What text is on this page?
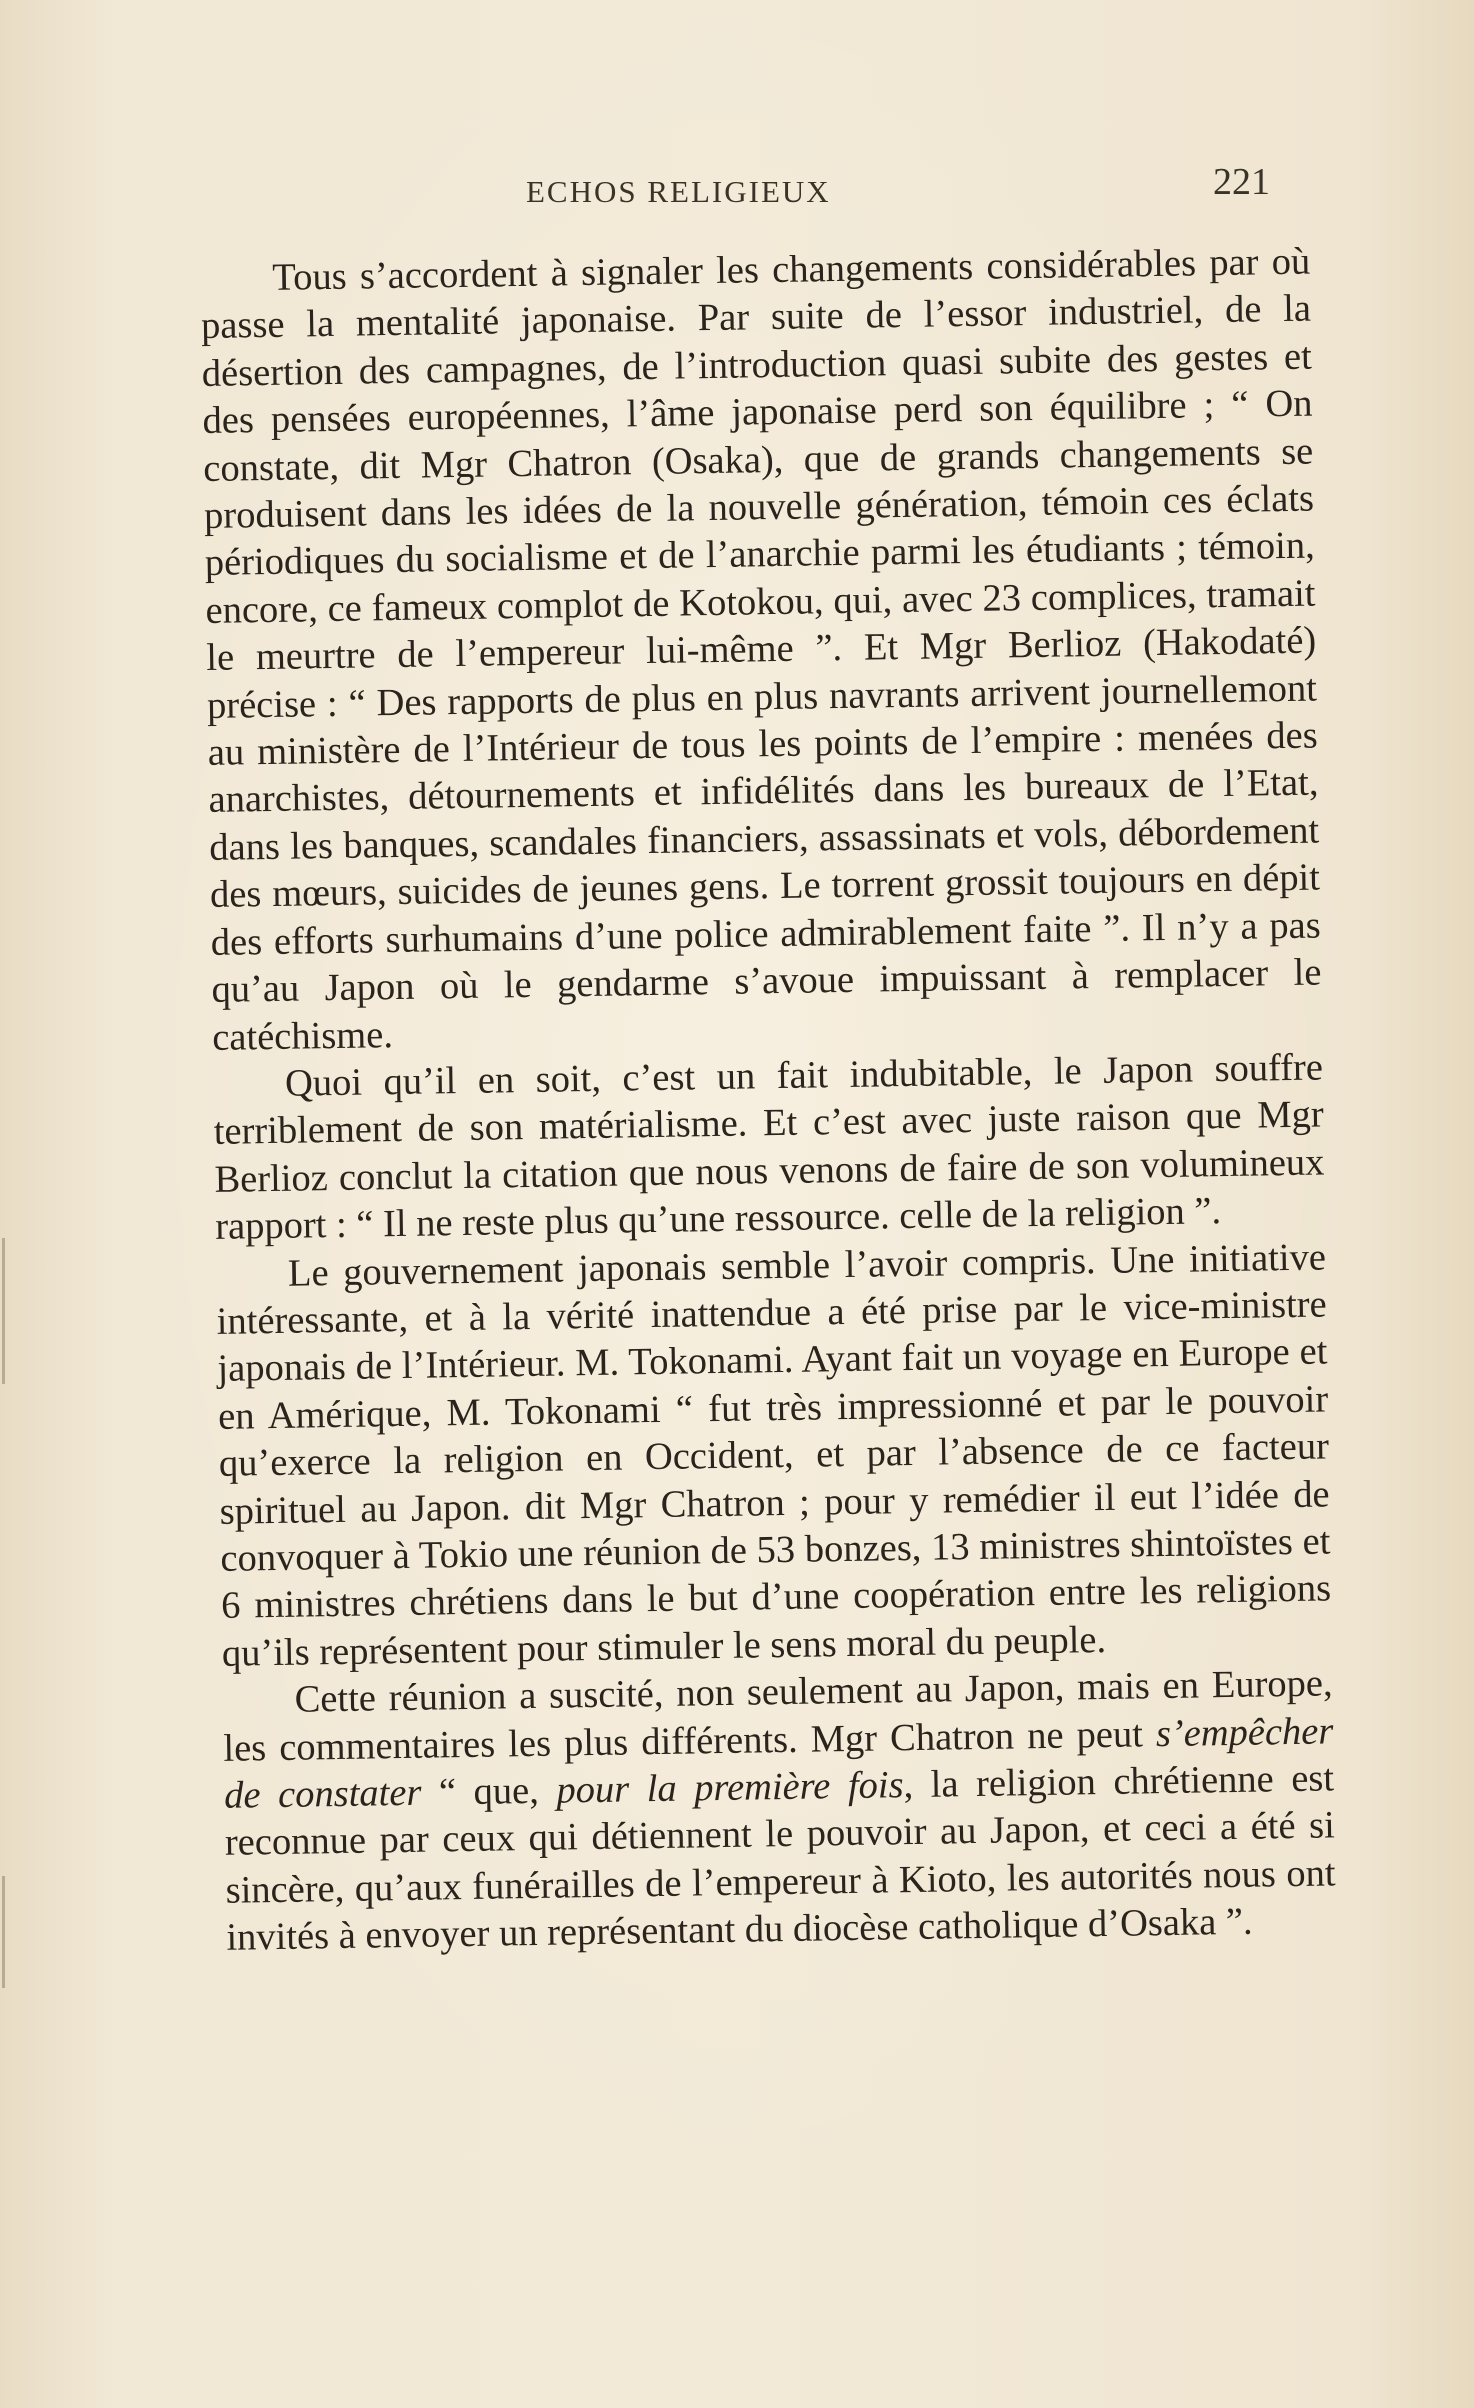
ECHOS RELIGIEUX	221

Tous s’accordent à signaler les changements considérables par où passe la mentalité japonaise. Par suite de l’essor industriel, de la désertion des campagnes, de l’introduction quasi subite des gestes et des pensées européennes, l’âme japonaise perd son équilibre ; “ On constate, dit Mgr Chatron (Osaka), que de grands changements se produisent dans les idées de la nouvelle génération, témoin ces éclats périodiques du socialisme et de l’anarchie parmi les étudiants ; témoin, encore, ce fameux complot de Kotokou, qui, avec 23 complices, tramait le meurtre de l’empereur lui-même ”. Et Mgr Berlioz (Hakodaté) précise : “ Des rapports de plus en plus navrants arrivent journellemont au ministère de l’Intérieur de tous les points de l’empire : menées des anarchistes, détournements et infidélités dans les bureaux de l’Etat, dans les banques, scandales financiers, assassinats et vols, débordement des mœurs, suicides de jeunes gens. Le torrent grossit toujours en dépit des efforts surhumains d’une police admirablement faite ”. Il n’y a pas qu’au Japon où le gendarme s’avoue impuissant à remplacer le catéchisme.

Quoi qu’il en soit, c’est un fait indubitable, le Japon souffre terriblement de son matérialisme. Et c’est avec juste raison que Mgr Berlioz conclut la citation que nous venons de faire de son volumineux rapport : “ Il ne reste plus qu’une ressource. celle de la religion ”.

Le gouvernement japonais semble l’avoir compris. Une initiative intéressante, et à la vérité inattendue a été prise par le vice-ministre japonais de l’Intérieur. M. Tokonami. Ayant fait un voyage en Europe et en Amérique, M. Tokonami “ fut très impressionné et par le pouvoir qu’exerce la religion en Occident, et par l’absence de ce facteur spirituel au Japon. dit Mgr Chatron ; pour y remédier il eut l’idée de convoquer à Tokio une réunion de 53 bonzes, 13 ministres shintoïstes et 6 ministres chrétiens dans le but d’une coopération entre les religions qu’ils représentent pour stimuler le sens moral du peuple.

Cette réunion a suscité, non seulement au Japon, mais en Europe, les commentaires les plus différents. Mgr Chatron ne peut s’empêcher de constater “ que, pour la première fois, la religion chrétienne est reconnue par ceux qui détiennent le pouvoir au Japon, et ceci a été si sincère, qu’aux funérailles de l’empereur à Kioto, les autorités nous ont invités à envoyer un représentant du diocèse catholique d’Osaka ”.
